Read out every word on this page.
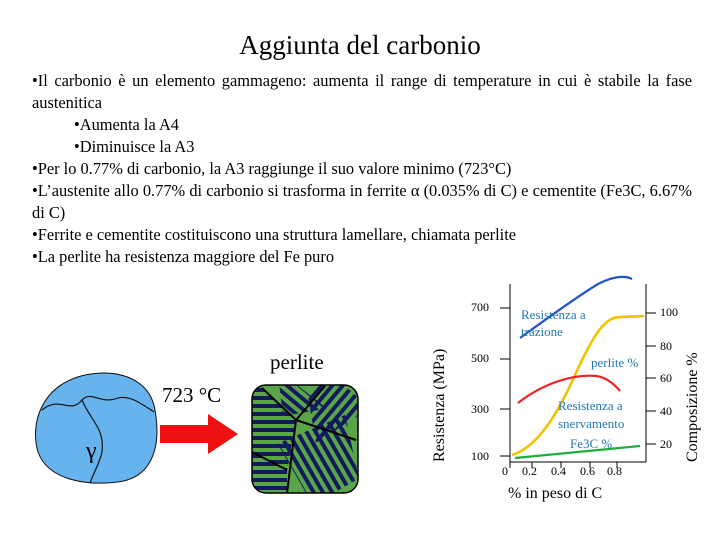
Aggiunta del carbonio

•Il carbonio è un elemento gammageno: aumenta il range di temperature in cui è stabile la fase austenitica

•Aumenta la A4

•Diminuisce la A3

•Per lo 0.77% di carbonio, la A3 raggiunge il suo valore minimo (723°C)

•L’austenite allo 0.77% di carbonio si trasforma in ferrite α (0.035% di C) e cementite (Fe3C, 6.67% di C)

•Ferrite e cementite costituiscono una struttura lamellare, chiamata perlite

•La perlite ha resistenza maggiore del Fe puro

γ
723 °C
perlite
700
500
300
100
100
80
60
40
20
0 0.2 0.4 0.6 0.8
Resistenza a
trazione
perlite %
Resistenza a
snervamento
Fe3C %
Resistenza (MPa)	Composizione %
% in peso di C
